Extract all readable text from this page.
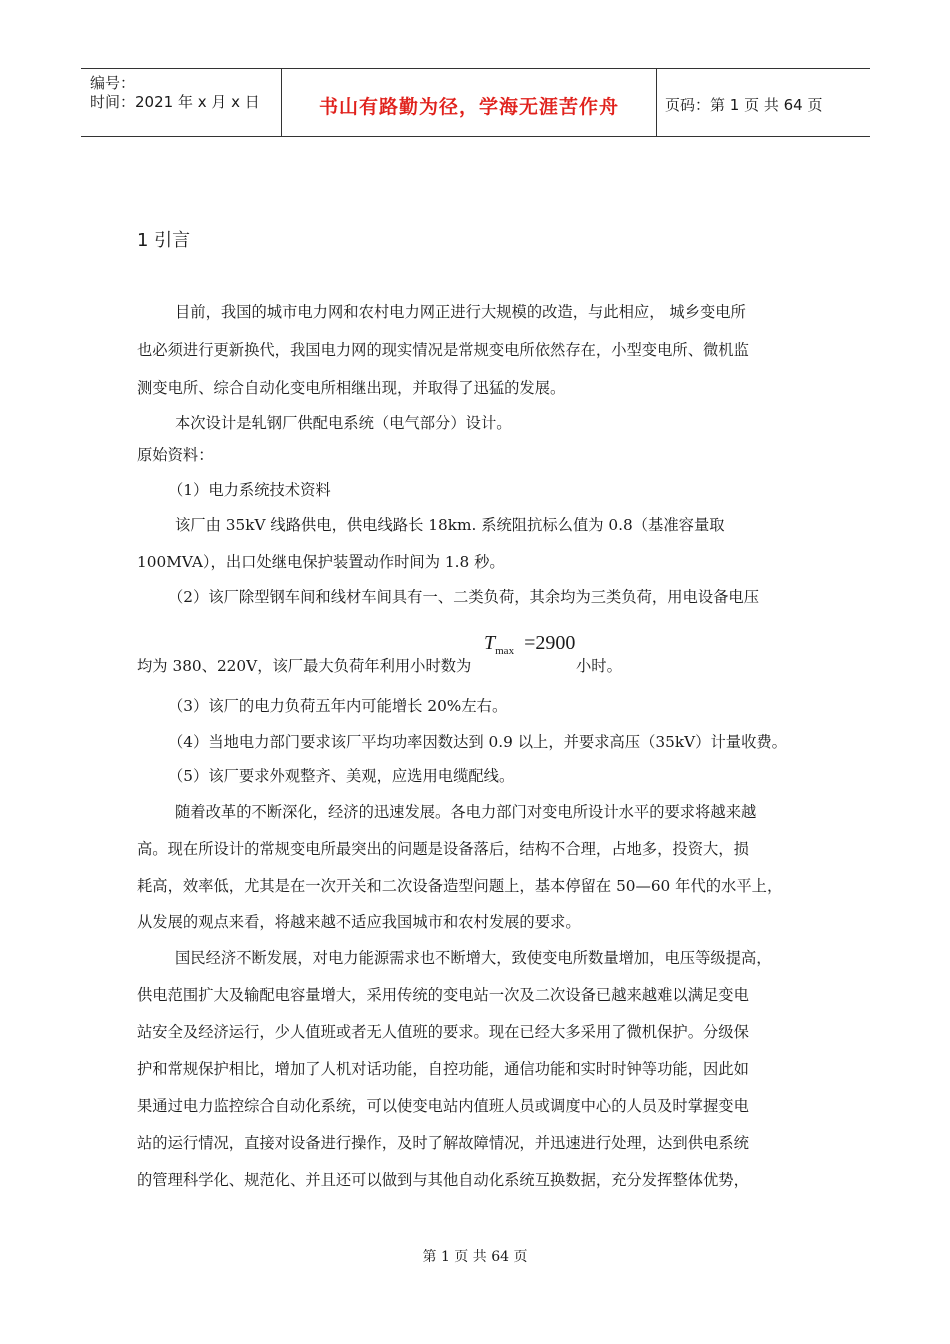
编号：
时间：2021 年 x 月 x 日	书山有路勤为径，学海无涯苦作舟	页码：第 1 页 共 64 页
1 引言
目前，我国的城市电力网和农村电力网正进行大规模的改造，与此相应， 城乡变电所
也必须进行更新换代，我国电力网的现实情况是常规变电所依然存在，小型变电所、微机监
测变电所、综合自动化变电所相继出现，并取得了迅猛的发展。
本次设计是轧钢厂供配电系统（电气部分）设计。
原始资料：
（1）电力系统技术资料
该厂由 35kV 线路供电，供电线路长 18km. 系统阻抗标么值为 0.8（基准容量取
100MVA），出口处继电保护装置动作时间为 1.8 秒。
（2）该厂除型钢车间和线材车间具有一、二类负荷，其余均为三类负荷，用电设备电压
均为 380、220V，该厂最大负荷年利用小时数为
$T_{max} =2900$
小时。
（3）该厂的电力负荷五年内可能增长 20%左右。
（4）当地电力部门要求该厂平均功率因数达到 0.9 以上，并要求高压（35kV）计量收费。
（5）该厂要求外观整齐、美观，应选用电缆配线。
随着改革的不断深化，经济的迅速发展。各电力部门对变电所设计水平的要求将越来越
高。现在所设计的常规变电所最突出的问题是设备落后，结构不合理，占地多，投资大，损
耗高，效率低，尤其是在一次开关和二次设备造型问题上，基本停留在 50—60 年代的水平上，
从发展的观点来看，将越来越不适应我国城市和农村发展的要求。
国民经济不断发展，对电力能源需求也不断增大，致使变电所数量增加，电压等级提高，
供电范围扩大及输配电容量增大，采用传统的变电站一次及二次设备已越来越难以满足变电
站安全及经济运行，少人值班或者无人值班的要求。现在已经大多采用了微机保护。分级保
护和常规保护相比，增加了人机对话功能，自控功能，通信功能和实时时钟等功能，因此如
果通过电力监控综合自动化系统，可以使变电站内值班人员或调度中心的人员及时掌握变电
站的运行情况，直接对设备进行操作，及时了解故障情况，并迅速进行处理，达到供电系统
的管理科学化、规范化、并且还可以做到与其他自动化系统互换数据，充分发挥整体优势，
第 1 页 共 64 页
